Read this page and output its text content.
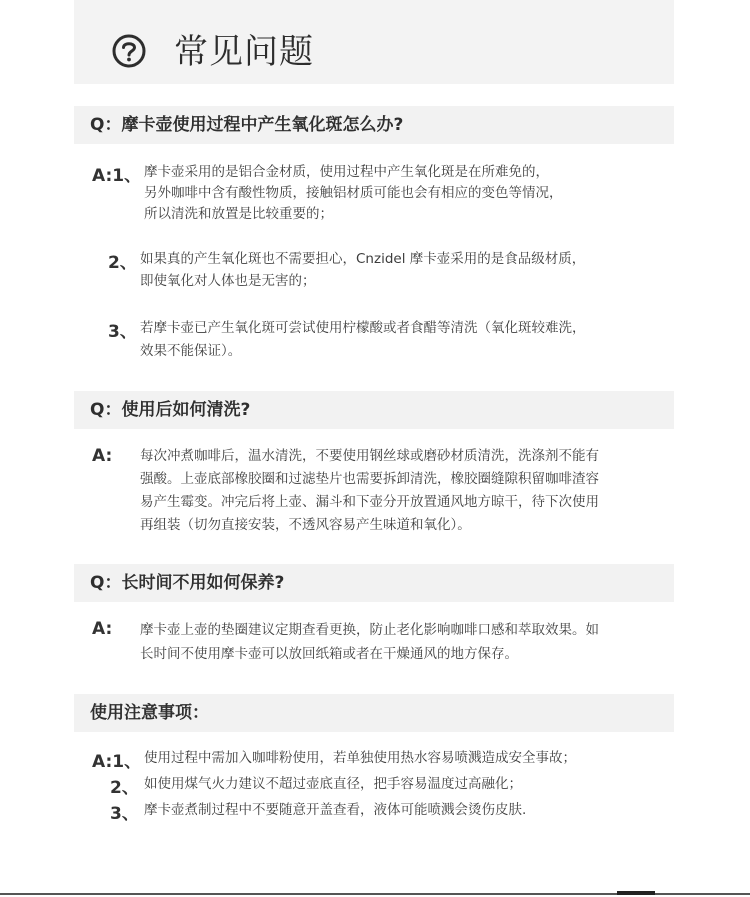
常见问题
Q：摩卡壶使用过程中产生氧化斑怎么办?
A:1、 摩卡壶采用的是铝合金材质，使用过程中产生氧化斑是在所难免的，
另外咖啡中含有酸性物质，接触铝材质可能也会有相应的变色等情况，
所以清洗和放置是比较重要的；
2、 如果真的产生氧化斑也不需要担心，Cnzidel 摩卡壶采用的是食品级材质，
即使氧化对人体也是无害的；
3、 若摩卡壶已产生氧化斑可尝试使用柠檬酸或者食醋等清洗（氧化斑较难洗，
效果不能保证）。
Q：使用后如何清洗?
A: 每次冲煮咖啡后，温水清洗，不要使用钢丝球或磨砂材质清洗，洗涤剂不能有
强酸。上壶底部橡胶圈和过滤垫片也需要拆卸清洗，橡胶圈缝隙积留咖啡渣容
易产生霉变。冲完后将上壶、漏斗和下壶分开放置通风地方晾干，待下次使用
再组装（切勿直接安装，不透风容易产生味道和氧化）。
Q：长时间不用如何保养?
A: 摩卡壶上壶的垫圈建议定期查看更换，防止老化影响咖啡口感和萃取效果。如
长时间不使用摩卡壶可以放回纸箱或者在干燥通风的地方保存。
使用注意事项：
A:1、 使用过程中需加入咖啡粉使用，若单独使用热水容易喷溅造成安全事故；
2、 如使用煤气火力建议不超过壶底直径，把手容易温度过高融化；
3、 摩卡壶煮制过程中不要随意开盖查看，液体可能喷溅会烫伤皮肤.
